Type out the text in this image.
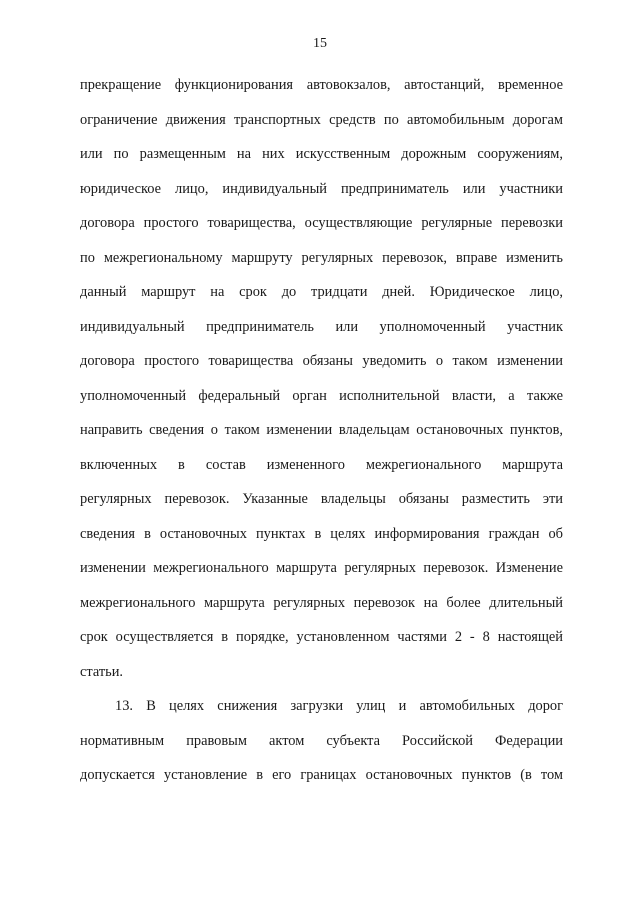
15
прекращение функционирования автовокзалов, автостанций, временное
ограничение движения транспортных средств по автомобильным дорогам
или по размещенным на них искусственным дорожным сооружениям,
юридическое лицо, индивидуальный предприниматель или участники
договора простого товарищества, осуществляющие регулярные перевозки
по межрегиональному маршруту регулярных перевозок, вправе изменить
данный маршрут на срок до тридцати дней. Юридическое лицо,
индивидуальный предприниматель или уполномоченный участник
договора простого товарищества обязаны уведомить о таком изменении
уполномоченный федеральный орган исполнительной власти, а также
направить сведения о таком изменении владельцам остановочных пунктов,
включенных в состав измененного межрегионального маршрута
регулярных перевозок. Указанные владельцы обязаны разместить эти
сведения в остановочных пунктах в целях информирования граждан об
изменении межрегионального маршрута регулярных перевозок. Изменение
межрегионального маршрута регулярных перевозок на более длительный
срок осуществляется в порядке, установленном частями 2 - 8 настоящей
статьи.
13. В целях снижения загрузки улиц и автомобильных дорог
нормативным правовым актом субъекта Российской Федерации
допускается установление в его границах остановочных пунктов (в том
